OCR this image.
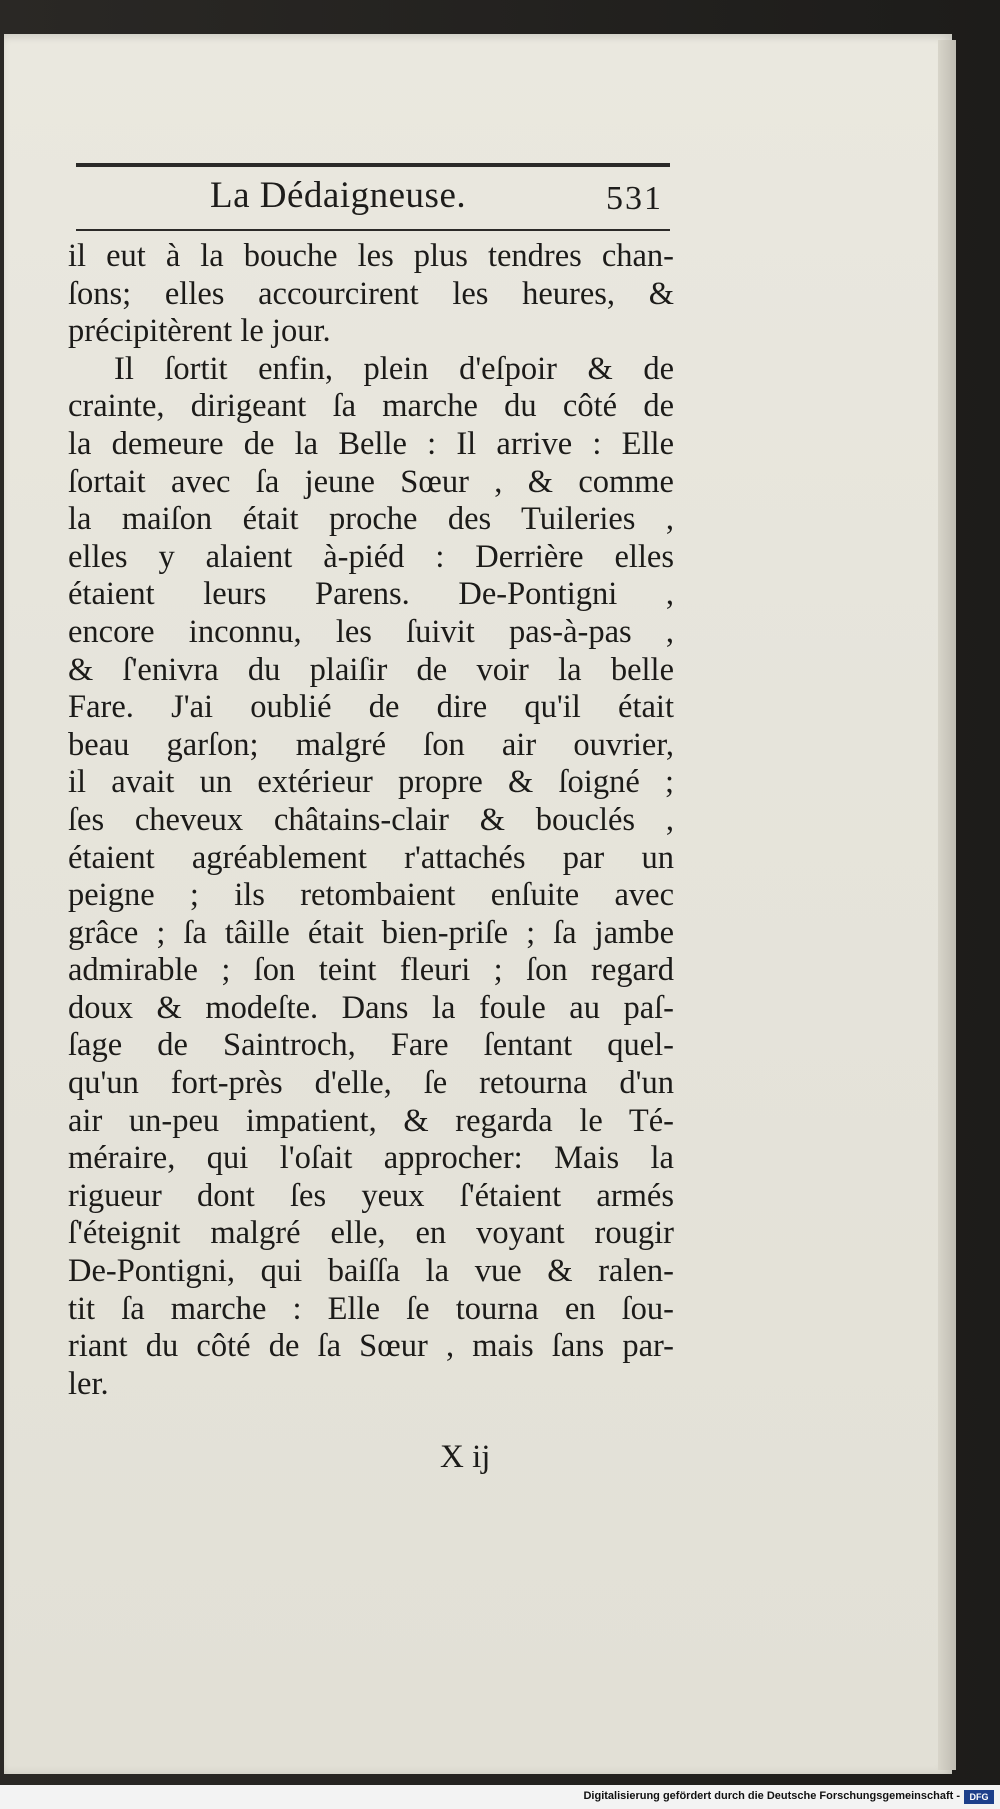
La Dédaigneuse.	531
il eut à la bouche les plus tendres chan-
ſons; elles accourcirent les heures, &
précipitèrent le jour.
Il ſortit enfin, plein d'eſpoir & de
crainte, dirigeant ſa marche du côté de
la demeure de la Belle : Il arrive : Elle
ſortait avec ſa jeune Sœur , & comme
la maiſon était proche des Tuileries ,
elles y alaient à-piéd : Derrière elles
étaient leurs Parens. De-Pontigni ,
encore inconnu, les ſuivit pas-à-pas ,
& ſ'enivra du plaiſir de voir la belle
Fare. J'ai oublié de dire qu'il était
beau garſon; malgré ſon air ouvrier,
il avait un extérieur propre & ſoigné ;
ſes cheveux châtains-clair & bouclés ,
étaient agréablement r'attachés par un
peigne ; ils retombaient enſuite avec
grâce ; ſa tâille était bien-priſe ; ſa jambe
admirable ; ſon teint fleuri ; ſon regard
doux & modeſte. Dans la foule au paſ-
ſage de Saintroch, Fare ſentant quel-
qu'un fort-près d'elle, ſe retourna d'un
air un-peu impatient, & regarda le Té-
méraire, qui l'oſait approcher: Mais la
rigueur dont ſes yeux ſ'étaient armés
ſ'éteignit malgré elle, en voyant rougir
De-Pontigni, qui baiſſa la vue & ralen-
tit ſa marche : Elle ſe tourna en ſou-
riant du côté de ſa Sœur , mais ſans par-
ler.
X ij
Digitalisierung gefördert durch die Deutsche Forschungsgemeinschaft -	DFG
